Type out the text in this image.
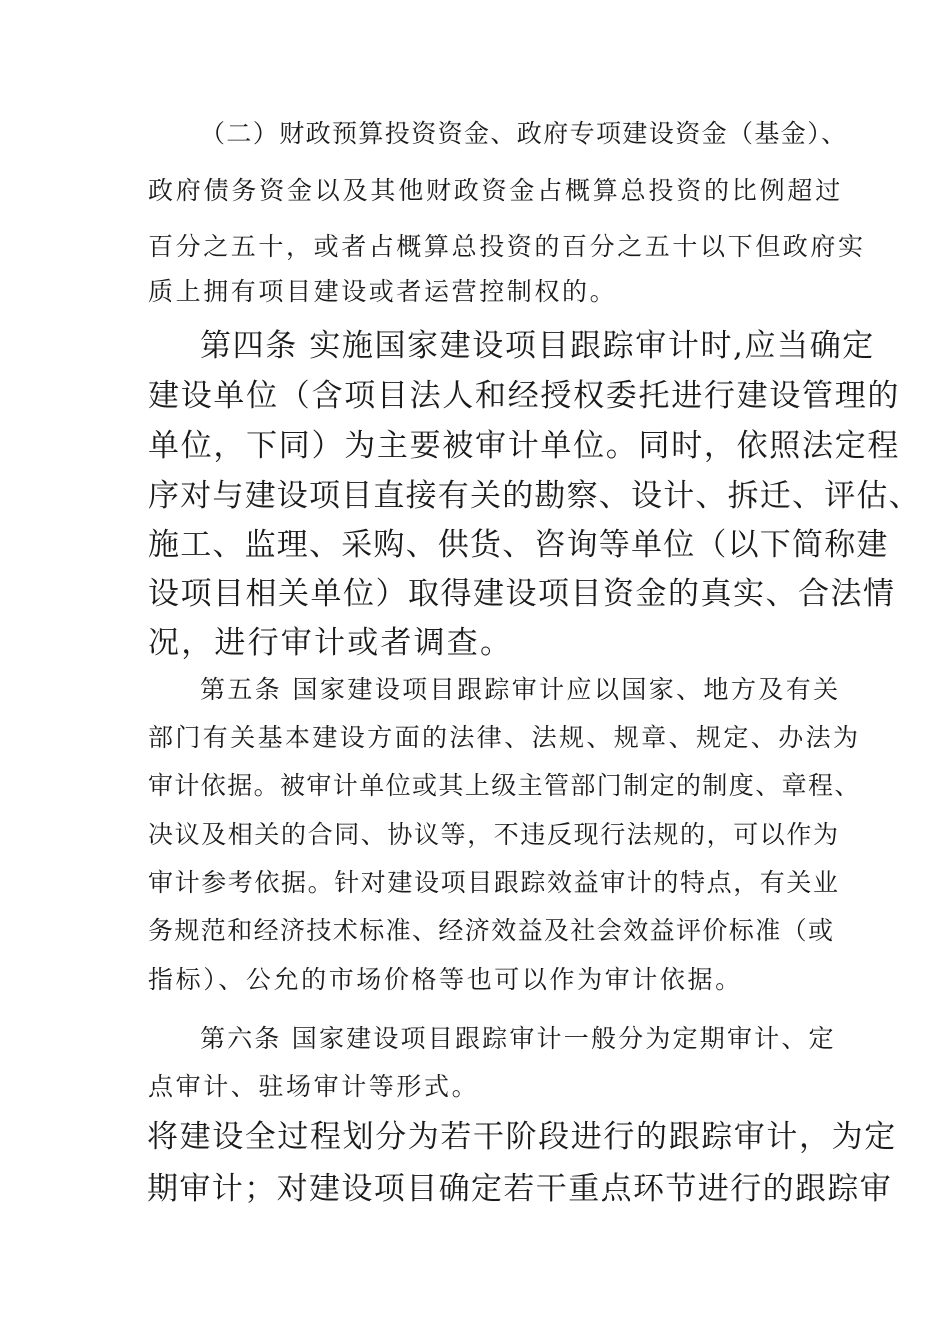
（二）财政预算投资资金、政府专项建设资金（基金）、
政府债务资金以及其他财政资金占概算总投资的比例超过
百分之五十，或者占概算总投资的百分之五十以下但政府实
质上拥有项目建设或者运营控制权的。
第四条 实施国家建设项目跟踪审计时,应当确定
建设单位（含项目法人和经授权委托进行建设管理的
单位，下同）为主要被审计单位。同时，依照法定程
序对与建设项目直接有关的勘察、设计、拆迁、评估、
施工、监理、采购、供货、咨询等单位（以下简称建
设项目相关单位）取得建设项目资金的真实、合法情
况，进行审计或者调查。
第五条 国家建设项目跟踪审计应以国家、地方及有关
部门有关基本建设方面的法律、法规、规章、规定、办法为
审计依据。被审计单位或其上级主管部门制定的制度、章程、
决议及相关的合同、协议等，不违反现行法规的，可以作为
审计参考依据。针对建设项目跟踪效益审计的特点，有关业
务规范和经济技术标准、经济效益及社会效益评价标准（或
指标）、公允的市场价格等也可以作为审计依据。
第六条 国家建设项目跟踪审计一般分为定期审计、定
点审计、驻场审计等形式。
将建设全过程划分为若干阶段进行的跟踪审计，为定
期审计；对建设项目确定若干重点环节进行的跟踪审
